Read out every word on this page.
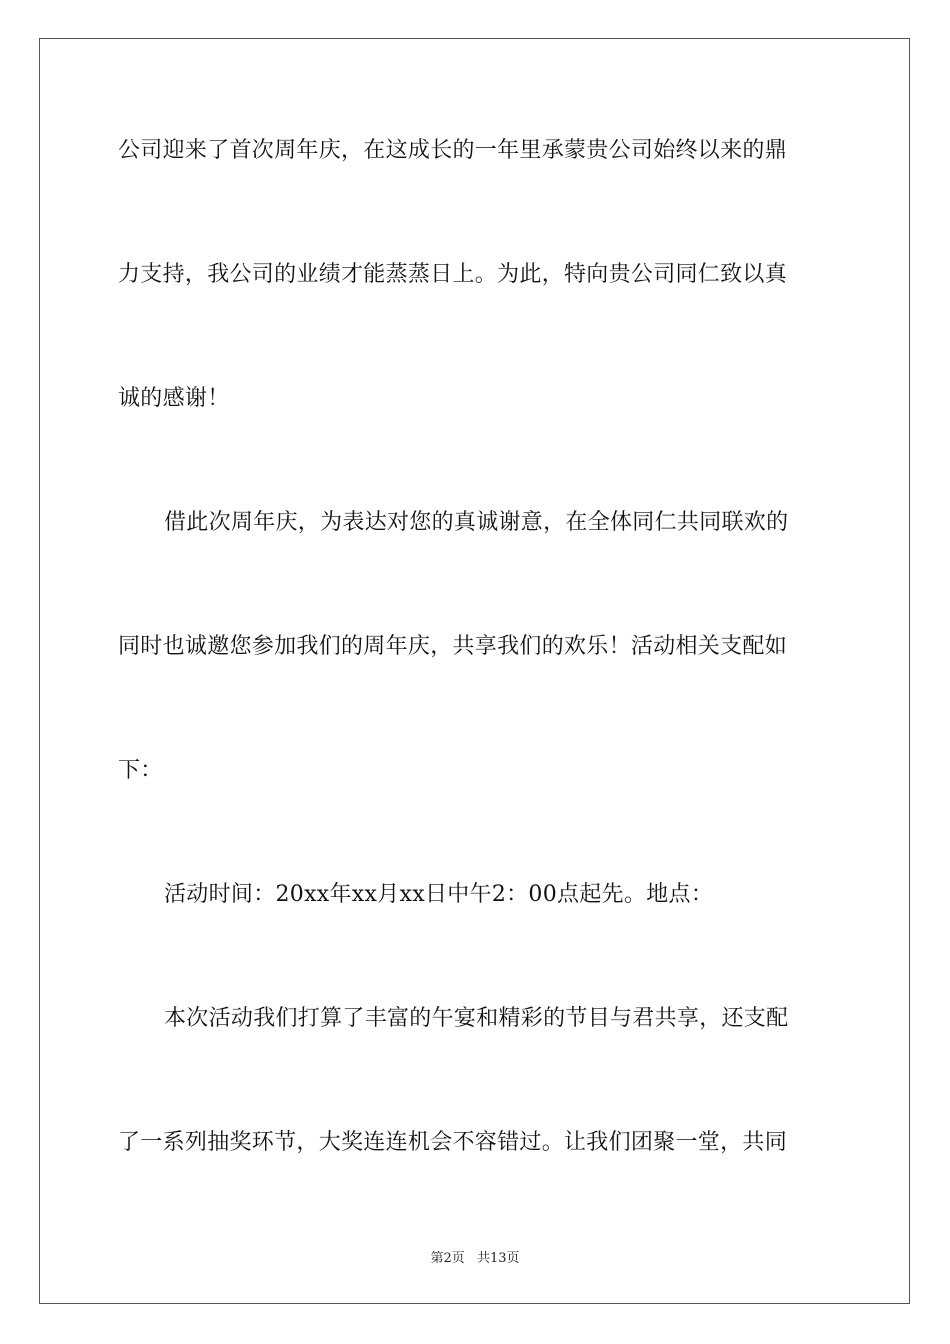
公司迎来了首次周年庆，在这成长的一年里承蒙贵公司始终以来的鼎
力支持，我公司的业绩才能蒸蒸日上。为此，特向贵公司同仁致以真
诚的感谢！
借此次周年庆，为表达对您的真诚谢意，在全体同仁共同联欢的
同时也诚邀您参加我们的周年庆，共享我们的欢乐！活动相关支配如
下：
活动时间：20xx年xx月xx日中午2：00点起先。地点：
本次活动我们打算了丰富的午宴和精彩的节目与君共享，还支配
了一系列抽奖环节，大奖连连机会不容错过。让我们团聚一堂，共同
第2页 共13页
